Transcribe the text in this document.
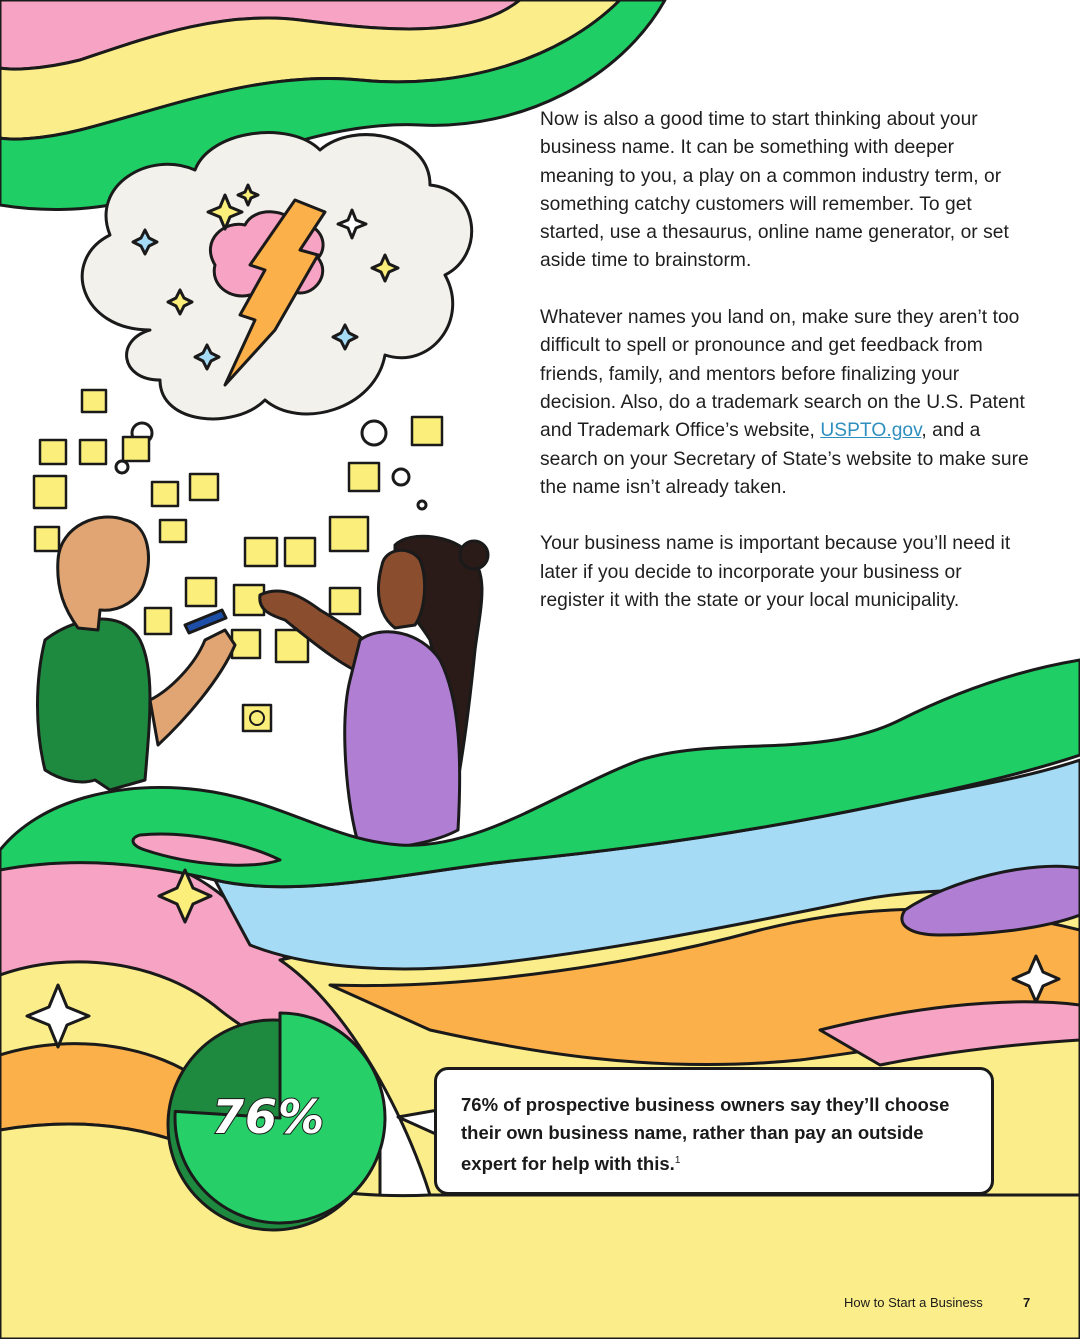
Now is also a good time to start thinking about your business name. It can be something with deeper meaning to you, a play on a common industry term, or something catchy customers will remember. To get started, use a thesaurus, online name generator, or set aside time to brainstorm.

Whatever names you land on, make sure they aren’t too difficult to spell or pronounce and get feedback from friends, family, and mentors before finalizing your decision. Also, do a trademark search on the U.S. Patent and Trademark Office’s website, USPTO.gov, and a search on your Secretary of State’s website to make sure the name isn’t already taken.

Your business name is important because you’ll need it later if you decide to incorporate your business or register it with the state or your local municipality.

76%	76% of prospective business owners say they’ll choose their own business name, rather than pay an outside expert for help with this.$^1$
How to Start a Business	7
